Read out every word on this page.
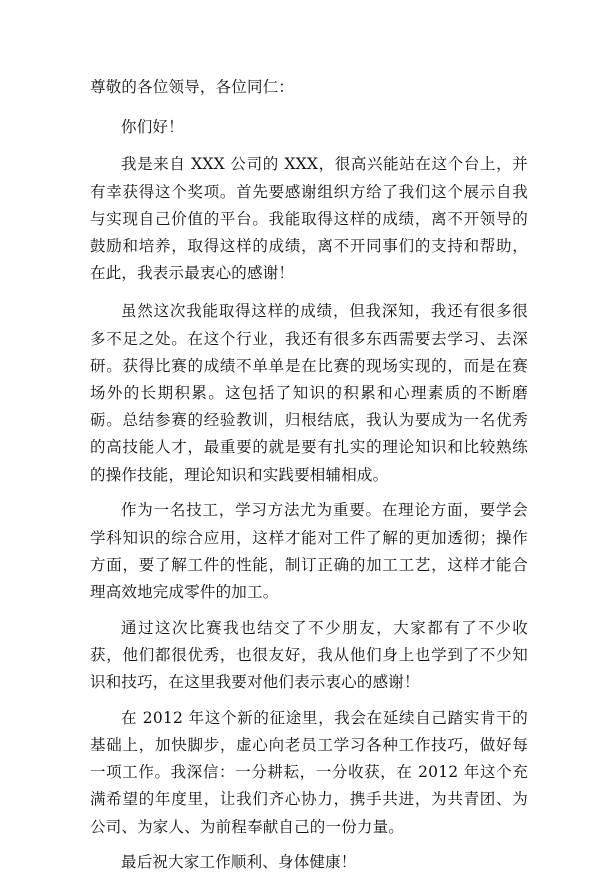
尊敬的各位领导，各位同仁：

你们好！

我是来自 XXX 公司的 XXX，很高兴能站在这个台上，并有幸获得这个奖项。首先要感谢组织方给了我们这个展示自我与实现自己价值的平台。我能取得这样的成绩，离不开领导的鼓励和培养，取得这样的成绩，离不开同事们的支持和帮助，在此，我表示最衷心的感谢！

虽然这次我能取得这样的成绩，但我深知，我还有很多很多不足之处。在这个行业，我还有很多东西需要去学习、去深研。获得比赛的成绩不单单是在比赛的现场实现的，而是在赛场外的长期积累。这包括了知识的积累和心理素质的不断磨砺。总结参赛的经验教训，归根结底，我认为要成为一名优秀的高技能人才，最重要的就是要有扎实的理论知识和比较熟练的操作技能，理论知识和实践要相辅相成。

作为一名技工，学习方法尤为重要。在理论方面，要学会学科知识的综合应用，这样才能对工件了解的更加透彻；操作方面，要了解工件的性能，制订正确的加工工艺，这样才能合理高效地完成零件的加工。

通过这次比赛我也结交了不少朋友，大家都有了不少收获，他们都很优秀，也很友好，我从他们身上也学到了不少知识和技巧，在这里我要对他们表示衷心的感谢！

在 2012 年这个新的征途里，我会在延续自己踏实肯干的基础上，加快脚步，虚心向老员工学习各种工作技巧，做好每一项工作。我深信：一分耕耘，一分收获，在 2012 年这个充满希望的年度里，让我们齐心协力，携手共进，为共青团、为公司、为家人、为前程奉献自己的一份力量。

最后祝大家工作顺利、身体健康！
